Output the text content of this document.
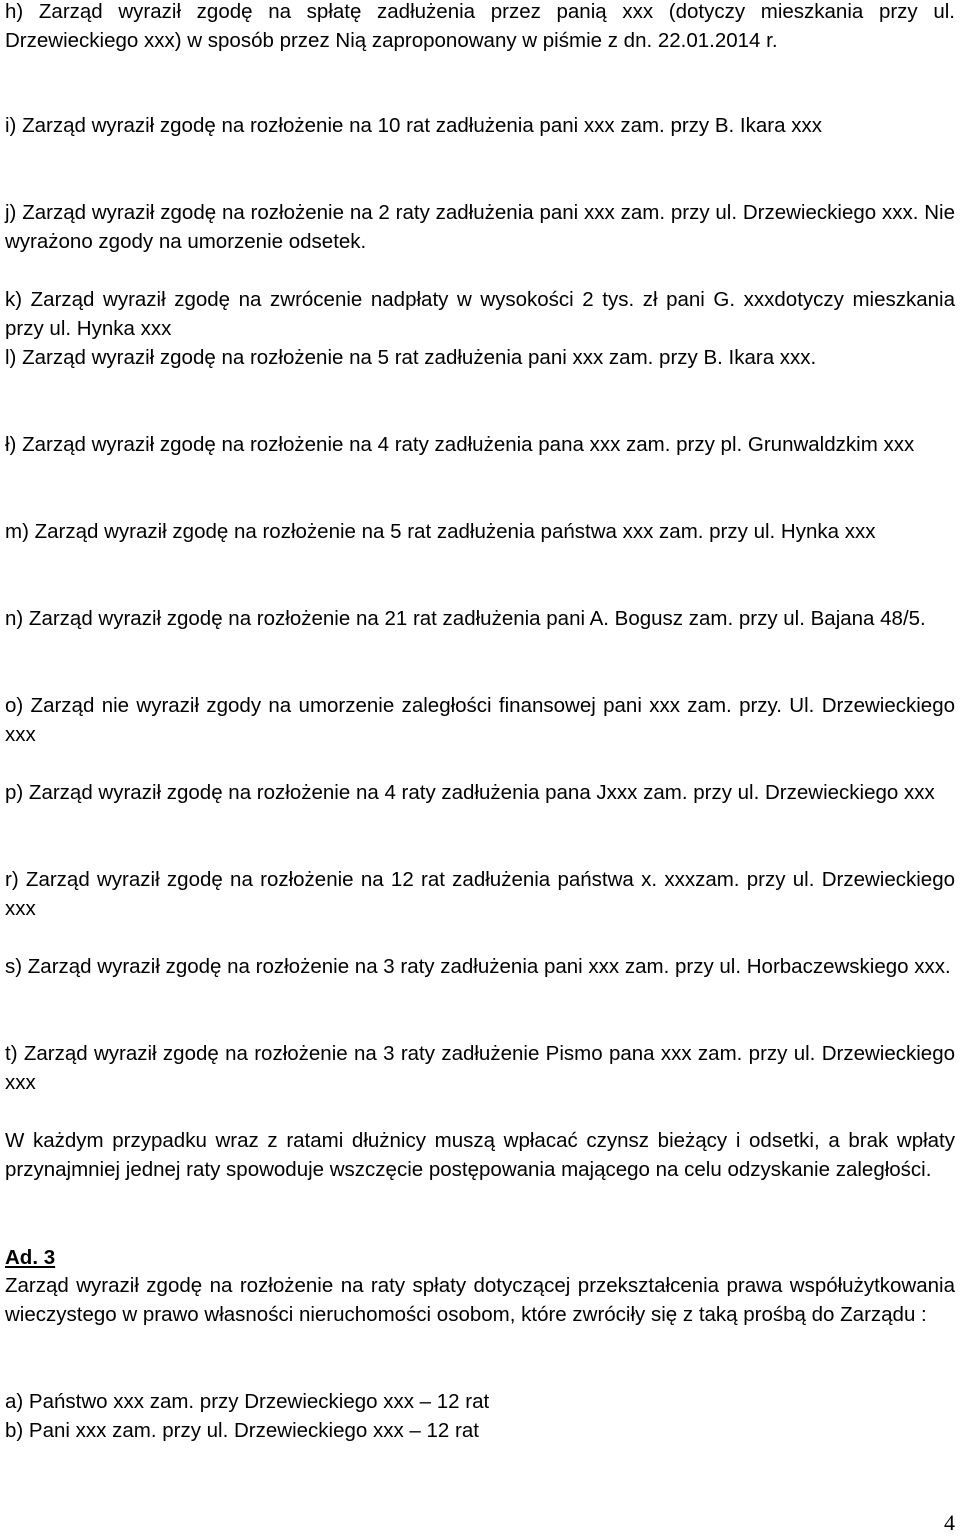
h) Zarząd wyraził zgodę na spłatę zadłużenia przez panią xxx (dotyczy mieszkania przy ul. Drzewieckiego xxx) w sposób przez Nią zaproponowany w piśmie z dn. 22.01.2014 r.

i) Zarząd wyraził zgodę na rozłożenie na 10 rat zadłużenia pani xxx zam. przy B. Ikara xxx

j) Zarząd wyraził zgodę na rozłożenie na 2 raty zadłużenia pani xxx zam. przy ul. Drzewieckiego xxx. Nie wyrażono zgody na umorzenie odsetek.

k) Zarząd wyraził zgodę na zwrócenie nadpłaty w wysokości 2 tys. zł pani G. xxxdotyczy mieszkania przy ul. Hynka xxx

l) Zarząd wyraził zgodę na rozłożenie na 5 rat zadłużenia pani xxx zam. przy B. Ikara xxx.

ł) Zarząd wyraził zgodę na rozłożenie na 4 raty zadłużenia pana xxx zam. przy pl. Grunwaldzkim xxx

m) Zarząd wyraził zgodę na rozłożenie na 5 rat zadłużenia państwa xxx zam. przy ul. Hynka xxx

n) Zarząd wyraził zgodę na rozłożenie na 21 rat zadłużenia pani A. Bogusz zam. przy ul. Bajana 48/5.

o) Zarząd nie wyraził zgody na umorzenie zaległości finansowej pani xxx zam. przy. Ul. Drzewieckiego xxx

p) Zarząd wyraził zgodę na rozłożenie na 4 raty zadłużenia pana Jxxx zam. przy ul. Drzewieckiego xxx

r) Zarząd wyraził zgodę na rozłożenie na 12 rat zadłużenia państwa x. xxxzam. przy ul. Drzewieckiego xxx

s) Zarząd wyraził zgodę na rozłożenie na 3 raty zadłużenia pani xxx zam. przy ul. Horbaczewskiego xxx.

t) Zarząd wyraził zgodę na rozłożenie na 3 raty zadłużenie Pismo pana xxx zam. przy ul. Drzewieckiego xxx

W każdym przypadku wraz z ratami dłużnicy muszą wpłacać czynsz bieżący i odsetki, a brak wpłaty przynajmniej jednej raty spowoduje wszczęcie postępowania mającego na celu odzyskanie zaległości.

Ad. 3

Zarząd wyraził zgodę na rozłożenie na raty spłaty dotyczącej przekształcenia prawa współużytkowania wieczystego w prawo własności nieruchomości osobom, które zwróciły się z taką prośbą do Zarządu :

a) Państwo xxx zam. przy Drzewieckiego xxx – 12 rat
b) Pani xxx zam. przy ul. Drzewieckiego xxx – 12 rat
4
